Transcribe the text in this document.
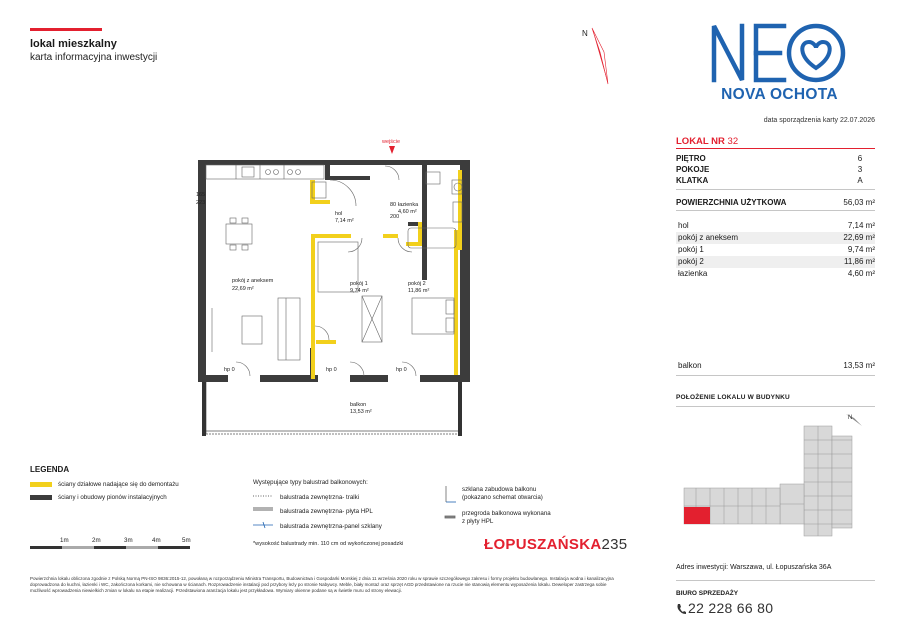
lokal mieszkalny
karta informacyjna inwestycji
N
NOVA OCHOTA
data sporządzenia karty 22.07.2026
LOKAL NR 32
PIĘTRO	6
POKOJE	3
KLATKA	A
POWIERZCHNIA UŻYTKOWA	56,03 m²
hol	7,14 m²
pokój z aneksem	22,69 m²
pokój 1	9,74 m²
pokój 2	11,86 m²
łazienka	4,60 m²
balkon	13,53 m²
POŁOŻENIE LOKALU W BUDYNKU
N
Adres inwestycji: Warszawa, ul. Łopuszańska 36A
BIURO SPRZEDAŻY
22 228 66 80
wejście
hol
7,14 m²
łazienka
4,60 m²
pokój z aneksem
22,69 m²
pokój 1
9,74 m²
pokój 2
11,86 m²
balkon
13,53 m²
hp 0	hp 0	hp 0
80
200
165
223
LEGENDA
ściany działowe nadające się do demontażu
ściany i obudowy pionów instalacyjnych
1m	2m	3m	4m	5m
Występujące typy balustrad balkonowych:
balustrada zewnętrzna- tralki
balustrada zewnętrzna- płyta HPL
balustrada zewnętrzna-panel szklany
*wysokość balustrady min. 110 cm od wykończonej posadzki
szklana zabudowa balkonu
(pokazano schemat otwarcia)
przegroda balkonowa wykonana
z płyty HPL
ŁOPUSZAŃSKA235
Powierzchnia lokalu obliczona zgodnie z Polską Normą PN-ISO 9836:2015-12, powołaną w rozporządzeniu Ministra Transportu, Budownictwa i Gospodarki Morskiej z dnia 11 września 2020 roku w sprawie szczegółowego zakresu i formy projektu budowlanego. Instalacja wodna i kanalizacyjna doprowadzona do kuchni, łazienki i WC, zakończona korkami, nie schowana w ścianach. Rozprowadzenie instalacji pod przybory leży po stronie Nabywcy. Meble, biały montaż oraz sprzęt AGD przedstawione na rzucie nie stanowią elementu wyposażenia lokalu. Deweloper zastrzega sobie możliwość wprowadzenia niewielkich zmian w lokalu na etapie realizacji. Przedstawiona aranżacja lokalu jest przykładowa. Wymiary okienne podane są w świetle muru od strony elewacji.
